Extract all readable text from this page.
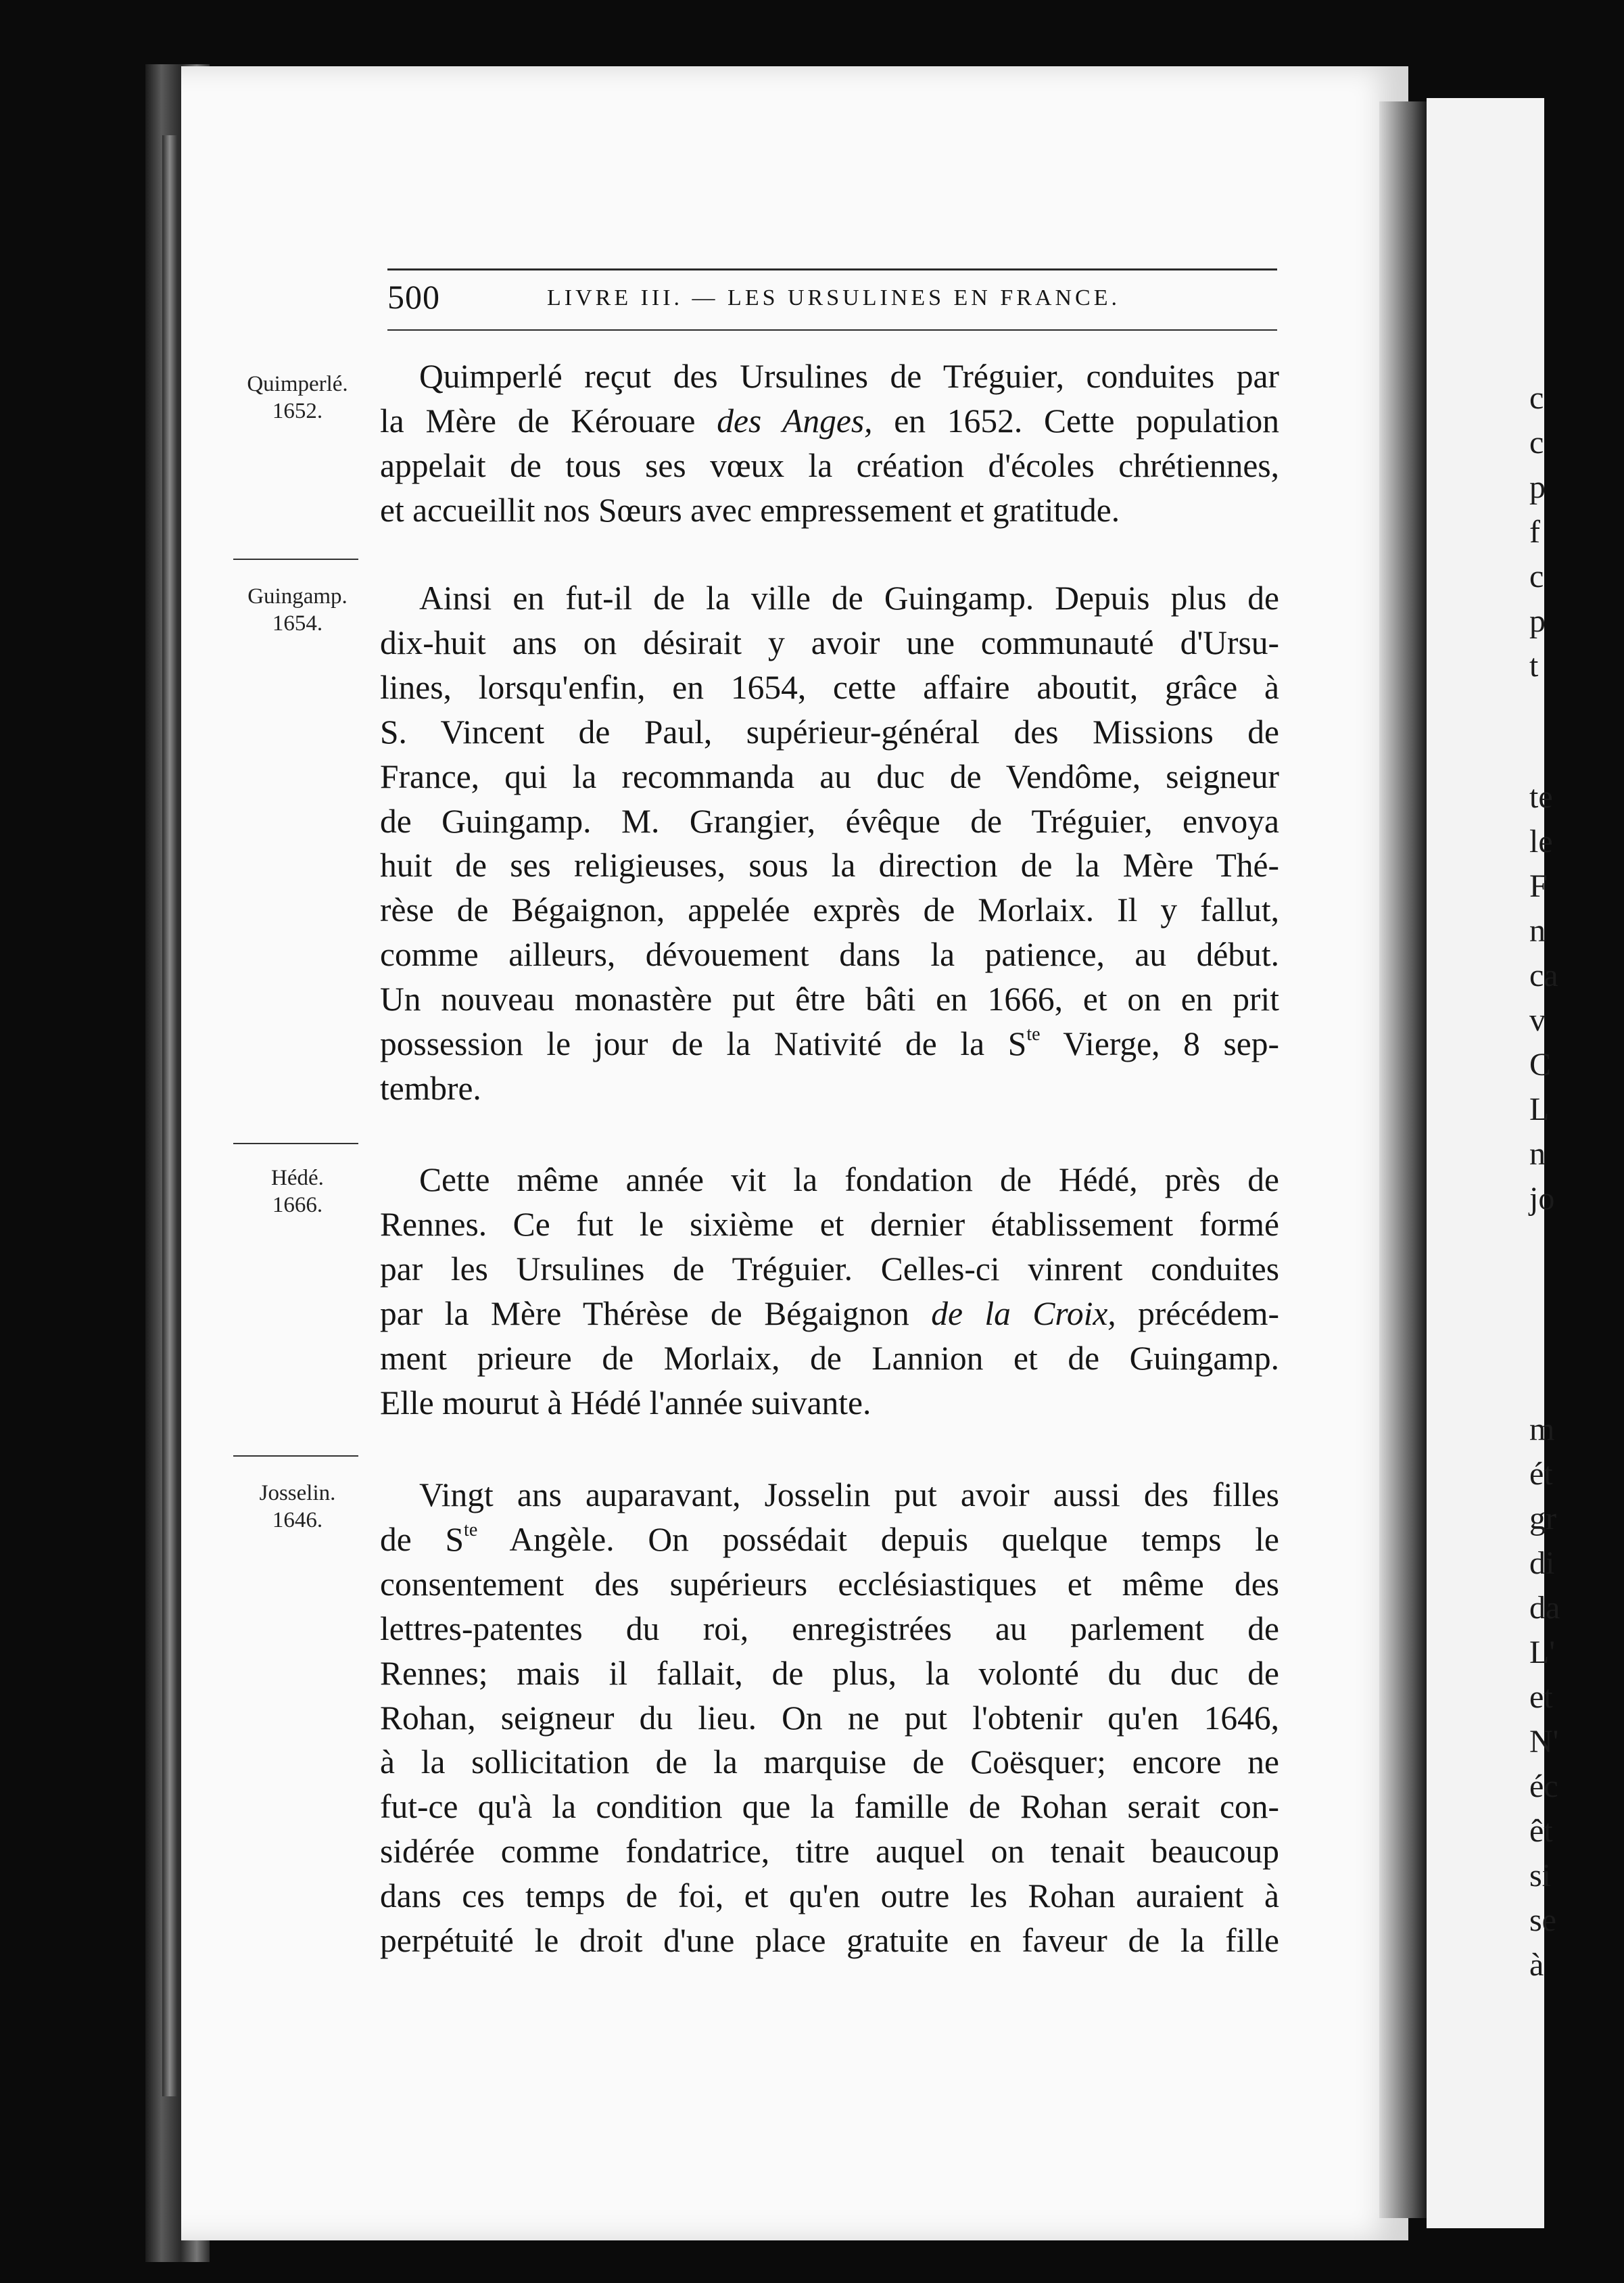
c
c
p
f
c
p
t
te
le
F
n
ca
v
C
L
n
jo
m
ét
gr
di
da
L'
et
N'
éc
êt
si
se
à
500	LIVRE III. — LES URSULINES EN FRANCE.
Quimperlé.
1652.
Quimperlé reçut des Ursulines de Tréguier, conduites par
la Mère de Kérouare des Anges, en 1652. Cette population
appelait de tous ses vœux la création d'écoles chrétiennes,
et accueillit nos Sœurs avec empressement et gratitude.
Guingamp.
1654.
Ainsi en fut-il de la ville de Guingamp. Depuis plus de
dix-huit ans on désirait y avoir une communauté d'Ursu-
lines, lorsqu'enfin, en 1654, cette affaire aboutit, grâce à
S. Vincent de Paul, supérieur-général des Missions de
France, qui la recommanda au duc de Vendôme, seigneur
de Guingamp. M. Grangier, évêque de Tréguier, envoya
huit de ses religieuses, sous la direction de la Mère Thé-
rèse de Bégaignon, appelée exprès de Morlaix. Il y fallut,
comme ailleurs, dévouement dans la patience, au début.
Un nouveau monastère put être bâti en 1666, et on en prit
possession le jour de la Nativité de la $S^{te}$ Vierge, 8 sep-
tembre.
Hédé.
1666.
Cette même année vit la fondation de Hédé, près de
Rennes. Ce fut le sixième et dernier établissement formé
par les Ursulines de Tréguier. Celles-ci vinrent conduites
par la Mère Thérèse de Bégaignon de la Croix, précédem-
ment prieure de Morlaix, de Lannion et de Guingamp.
Elle mourut à Hédé l'année suivante.
Josselin.
1646.
Vingt ans auparavant, Josselin put avoir aussi des filles
de $S^{te}$ Angèle. On possédait depuis quelque temps le
consentement des supérieurs ecclésiastiques et même des
lettres-patentes du roi, enregistrées au parlement de
Rennes; mais il fallait, de plus, la volonté du duc de
Rohan, seigneur du lieu. On ne put l'obtenir qu'en 1646,
à la sollicitation de la marquise de Coësquer; encore ne
fut-ce qu'à la condition que la famille de Rohan serait con-
sidérée comme fondatrice, titre auquel on tenait beaucoup
dans ces temps de foi, et qu'en outre les Rohan auraient à
perpétuité le droit d'une place gratuite en faveur de la fille
